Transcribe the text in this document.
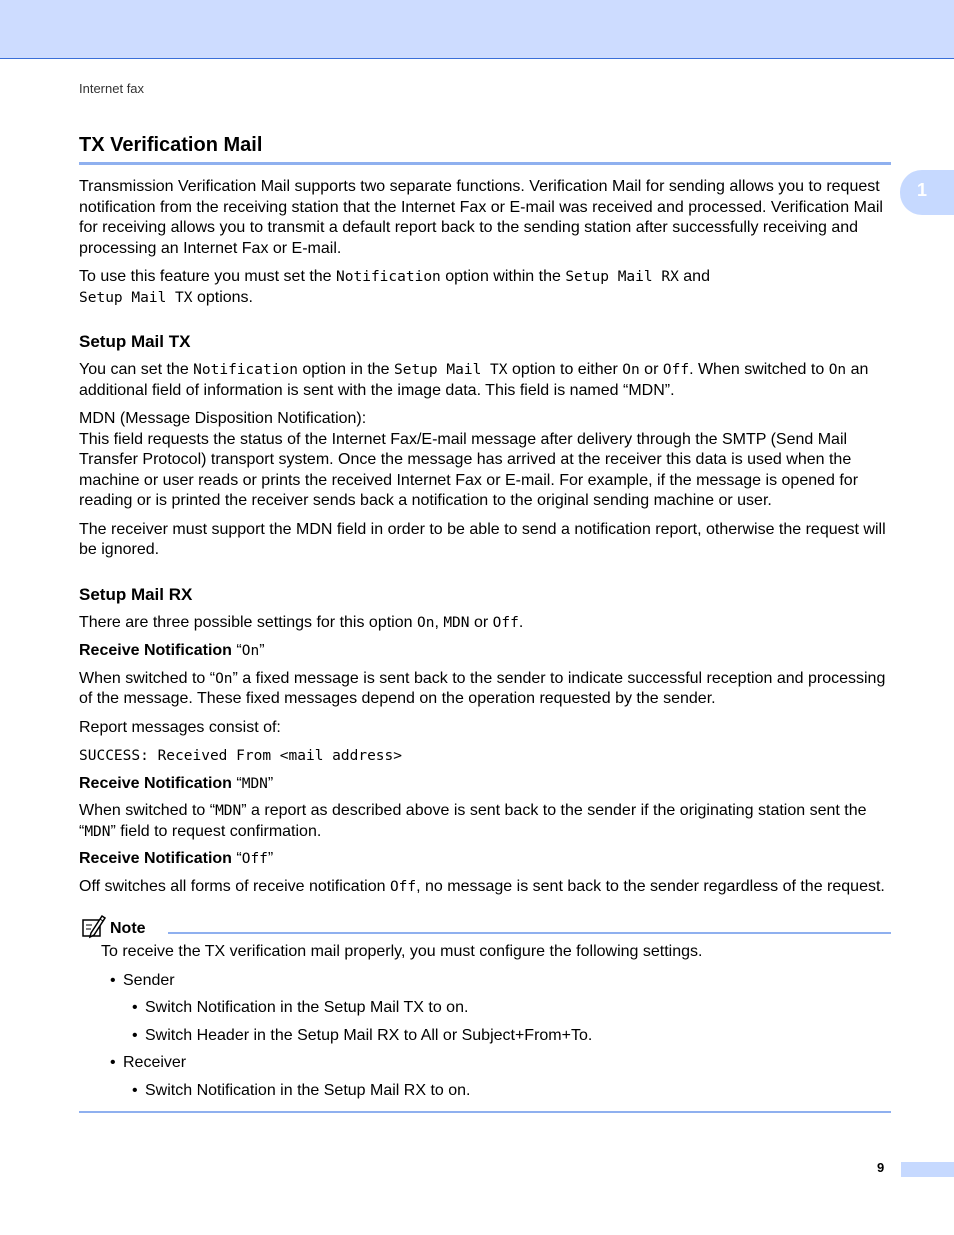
Internet fax
1
TX Verification Mail

Transmission Verification Mail supports two separate functions. Verification Mail for sending allows you to request notification from the receiving station that the Internet Fax or E-mail was received and processed. Verification Mail for receiving allows you to transmit a default report back to the sending station after successfully receiving and processing an Internet Fax or E-mail.

To use this feature you must set the Notification option within the Setup Mail RX and
Setup Mail TX options.

Setup Mail TX

You can set the Notification option in the Setup Mail TX option to either On or Off. When switched to On an additional field of information is sent with the image data. This field is named “MDN”.

MDN (Message Disposition Notification):
This field requests the status of the Internet Fax/E-mail message after delivery through the SMTP (Send Mail Transfer Protocol) transport system. Once the message has arrived at the receiver this data is used when the machine or user reads or prints the received Internet Fax or E-mail. For example, if the message is opened for reading or is printed the receiver sends back a notification to the original sending machine or user.

The receiver must support the MDN field in order to be able to send a notification report, otherwise the request will be ignored.

Setup Mail RX

There are three possible settings for this option On, MDN or Off.

Receive Notification “On”

When switched to “On” a fixed message is sent back to the sender to indicate successful reception and processing of the message. These fixed messages depend on the operation requested by the sender.

Report messages consist of:

SUCCESS: Received From <mail address>

Receive Notification “MDN”

When switched to “MDN” a report as described above is sent back to the sender if the originating station sent the “MDN” field to request confirmation.

Receive Notification “Off”

Off switches all forms of receive notification Off, no message is sent back to the sender regardless of the request.

Note

To receive the TX verification mail properly, you must configure the following settings.

• Sender
• Switch Notification in the Setup Mail TX to on.
• Switch Header in the Setup Mail RX to All or Subject+From+To.
• Receiver
• Switch Notification in the Setup Mail RX to on.
9
